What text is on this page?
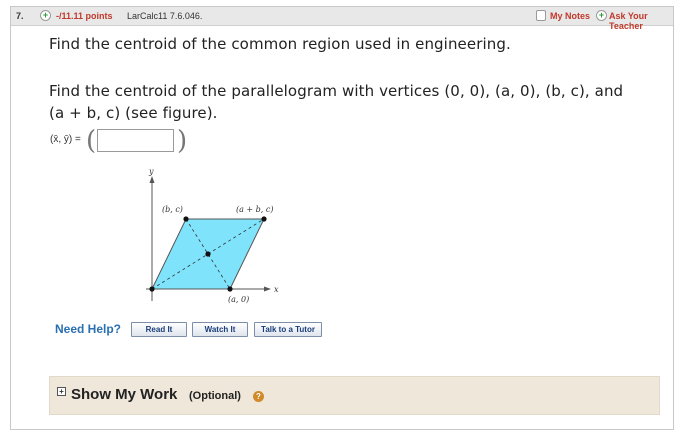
7.	+ -/11.11 points LarCalc11 7.6.046.	My Notes + Ask Your Teacher
Find the centroid of the common region used in engineering.
Find the centroid of the parallelogram with vertices (0, 0), (a, 0), (b, c), and
(a + b, c) (see figure).
(x̄, ȳ) = (	)
y
x
(b, c)	(a + b, c)
(a, 0)
Need Help?	Read It	Watch It	Talk to a Tutor
+ Show My Work (Optional)	?
